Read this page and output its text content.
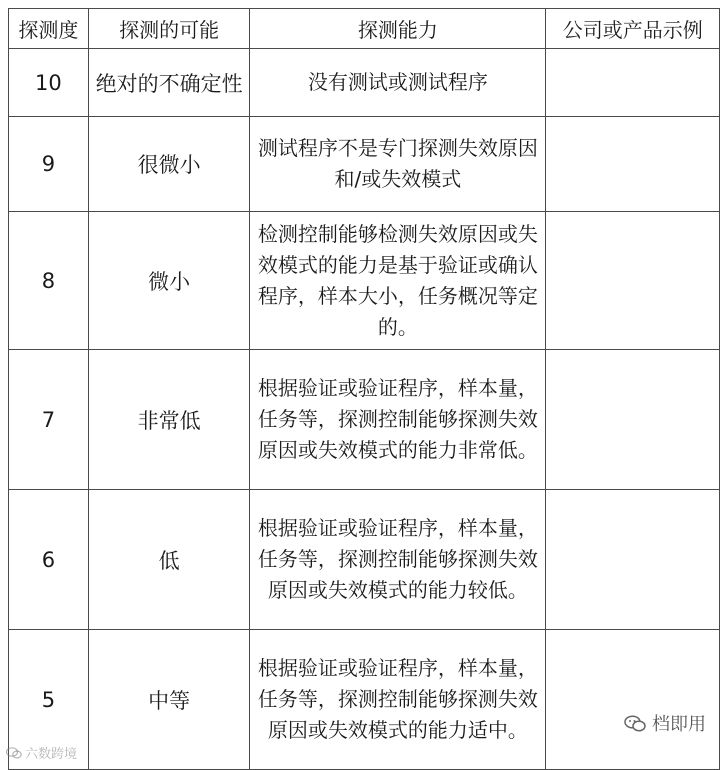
探测度	探测的可能	探测能力	公司或产品示例
10	绝对的不确定性	没有测试或测试程序	
9	很微小	测试程序不是专门探测失效原因和/或失效模式	
8	微小	检测控制能够检测失效原因或失效模式的能力是基于验证或确认程序，样本大小，任务概况等定的。	
7	非常低	根据验证或验证程序，样本量，任务等，探测控制能够探测失效原因或失效模式的能力非常低。	
6	低	根据验证或验证程序，样本量，任务等，探测控制能够探测失效原因或失效模式的能力较低。	
5	中等	根据验证或验证程序，样本量，任务等，探测控制能够探测失效原因或失效模式的能力适中。	
六数跨境
档即用
